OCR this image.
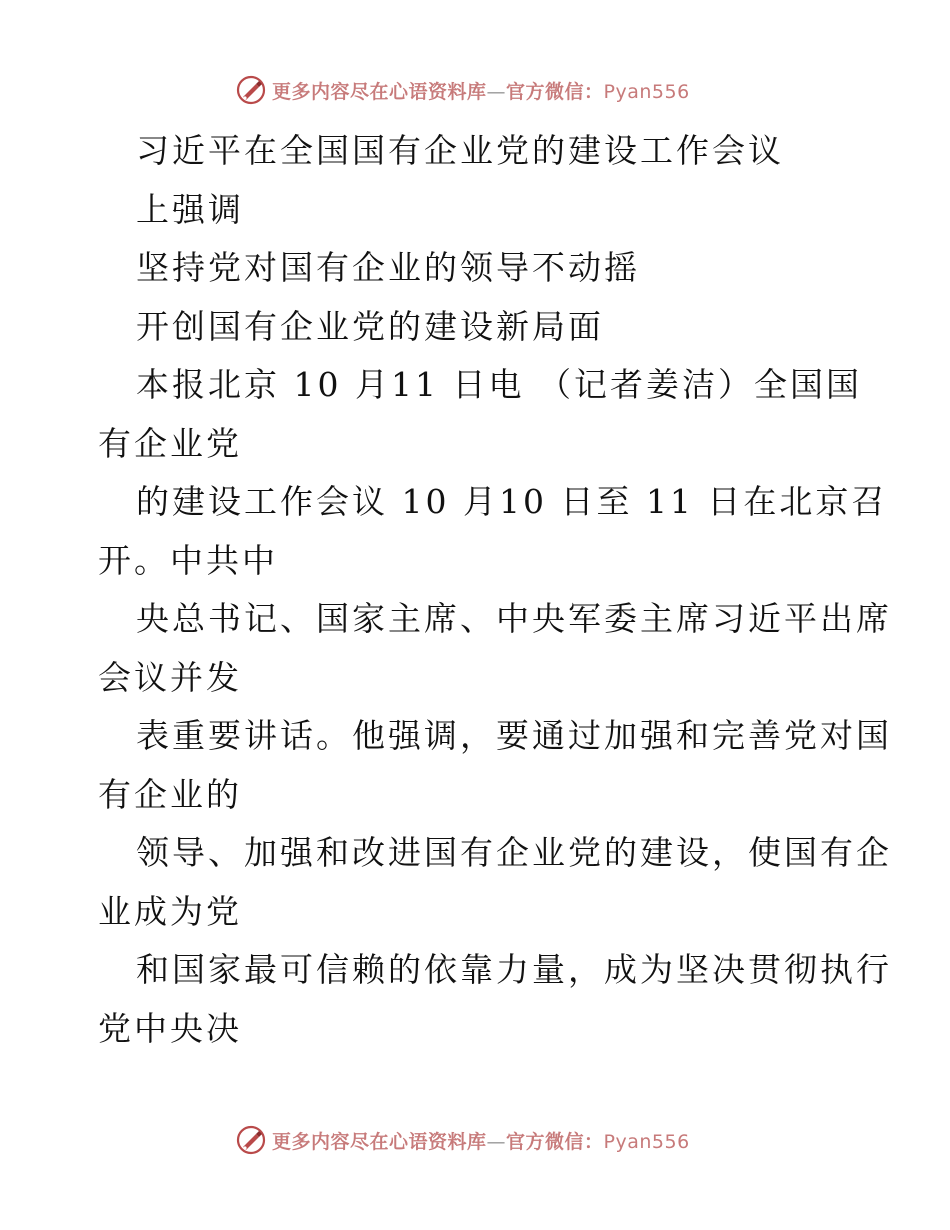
更多内容尽在心语资料库—官方微信：Pyan556
习近平在全国国有企业党的建设工作会议
上强调
坚持党对国有企业的领导不动摇
开创国有企业党的建设新局面
本报北京 10 月11 日电 （记者姜洁）全国国
有企业党
的建设工作会议 10 月10 日至 11 日在北京召
开。中共中
央总书记、国家主席、中央军委主席习近平出席
会议并发
表重要讲话。他强调，要通过加强和完善党对国
有企业的
领导、加强和改进国有企业党的建设，使国有企
业成为党
和国家最可信赖的依靠力量，成为坚决贯彻执行
党中央决
更多内容尽在心语资料库—官方微信：Pyan556
